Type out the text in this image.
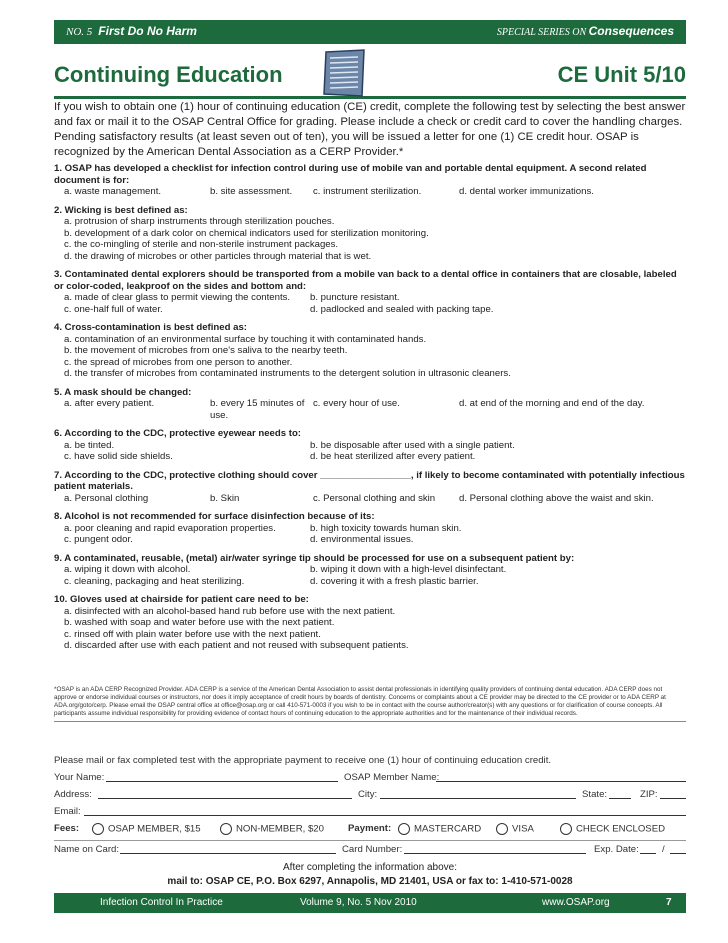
NO. 5 First Do No Harm	SPECIAL SERIES ON Consequences
Continuing Education	CE Unit 5/10
If you wish to obtain one (1) hour of continuing education (CE) credit, complete the following test by selecting the best answer and fax or mail it to the OSAP Central Office for grading. Please include a check or credit card to cover the handling charges. Pending satisfactory results (at least seven out of ten), you will be issued a letter for one (1) CE credit hour. OSAP is recognized by the American Dental Association as a CERP Provider.*
1. OSAP has developed a checklist for infection control during use of mobile van and portable dental equipment. A second related document is for:
a. waste management.	b. site assessment.	c. instrument sterilization.	d. dental worker immunizations.
2. Wicking is best defined as:
a. protrusion of sharp instruments through sterilization pouches.
b. development of a dark color on chemical indicators used for sterilization monitoring.
c. the co-mingling of sterile and non-sterile instrument packages.
d. the drawing of microbes or other particles through material that is wet.
3. Contaminated dental explorers should be transported from a mobile van back to a dental office in containers that are closable, labeled or color-coded, leakproof on the sides and bottom and:
a. made of clear glass to permit viewing the contents.	b. puncture resistant.
c. one-half full of water.	d. padlocked and sealed with packing tape.
4. Cross-contamination is best defined as:
a. contamination of an environmental surface by touching it with contaminated hands.
b. the movement of microbes from one's saliva to the nearby teeth.
c. the spread of microbes from one person to another.
d. the transfer of microbes from contaminated instruments to the detergent solution in ultrasonic cleaners.
5. A mask should be changed:
a. after every patient.	b. every 15 minutes of use.
c. every hour of use.	d. at end of the morning and end of the day.
6. According to the CDC, protective eyewear needs to:
a. be tinted.	b. be disposable after used with a single patient.
c. have solid side shields.	d. be heat sterilized after every patient.
7. According to the CDC, protective clothing should cover _________________, if likely to become contaminated with potentially infectious patient materials.
a. Personal clothing	b. Skin	c. Personal clothing and skin	d. Personal clothing above the waist and skin.
8. Alcohol is not recommended for surface disinfection because of its:
a. poor cleaning and rapid evaporation properties.	b. high toxicity towards human skin.
c. pungent odor.	d. environmental issues.
9. A contaminated, reusable, (metal) air/water syringe tip should be processed for use on a subsequent patient by:
a. wiping it down with alcohol.	b. wiping it down with a high-level disinfectant.
c. cleaning, packaging and heat sterilizing.	d. covering it with a fresh plastic barrier.
10. Gloves used at chairside for patient care need to be:
a. disinfected with an alcohol-based hand rub before use with the next patient.
b. washed with soap and water before use with the next patient.
c. rinsed off with plain water before use with the next patient.
d. discarded after use with each patient and not reused with subsequent patients.
*OSAP is an ADA CERP Recognized Provider. ADA CERP is a service of the American Dental Association to assist dental professionals in identifying quality providers of continuing dental education. ADA CERP does not approve or endorse individual courses or instructors, nor does it imply acceptance of credit hours by boards of dentistry. Concerns or complaints about a CE provider may be directed to the CE provider or to ADA CERP at ADA.org/goto/cerp. Please email the OSAP central office at office@osap.org or call 410-571-0003 if you wish to be in contact with the course author/creator(s) with any questions or for clarification of course concepts. All participants assume individual responsibility for providing evidence of contact hours of continuing education to the appropriate authorities and for the maintenance of their individual records.
Please mail or fax completed test with the appropriate payment to receive one (1) hour of continuing education credit.
Your Name:	OSAP Member Name:
Address:	City:	State:	ZIP:
Email:
Fees:	OSAP MEMBER, $15	NON-MEMBER, $20	Payment:	MASTERCARD	VISA	CHECK ENCLOSED
Name on Card:	Card Number:	Exp. Date: /
After completing the information above:
mail to: OSAP CE, P.O. Box 6297, Annapolis, MD 21401, USA or fax to: 1-410-571-0028
Infection Control In Practice	Volume 9, No. 5 Nov 2010	www.OSAP.org	7
